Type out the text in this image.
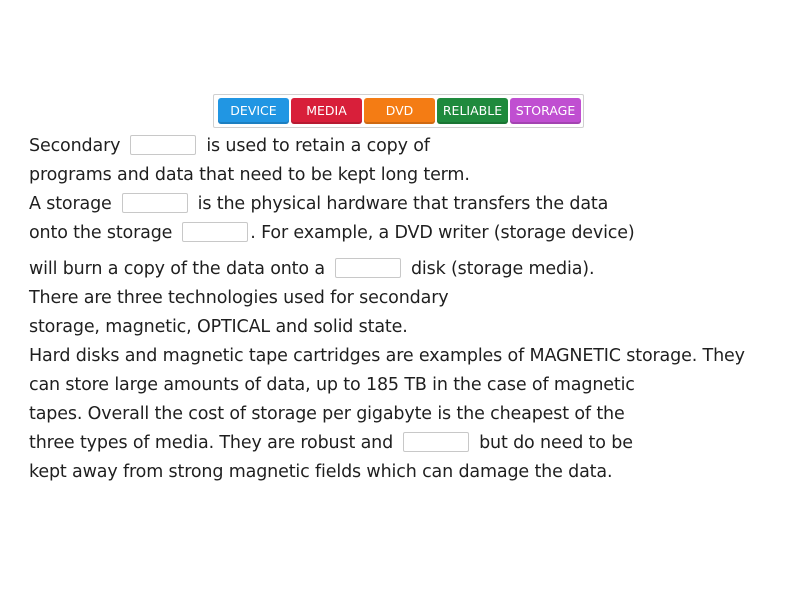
DEVICE	MEDIA	DVD	RELIABLE	STORAGE
Secondary	is used to retain a copy of
programs and data that need to be kept long term.
A storage	is the physical hardware that transfers the data
onto the storage	. For example, a DVD writer (storage device)
will burn a copy of the data onto a	disk (storage media).
There are three technologies used for secondary
storage, magnetic, OPTICAL and solid state.
Hard disks and magnetic tape cartridges are examples of MAGNETIC storage. They
can store large amounts of data, up to 185 TB in the case of magnetic
tapes. Overall the cost of storage per gigabyte is the cheapest of the
three types of media. They are robust and	but do need to be
kept away from strong magnetic fields which can damage the data.
